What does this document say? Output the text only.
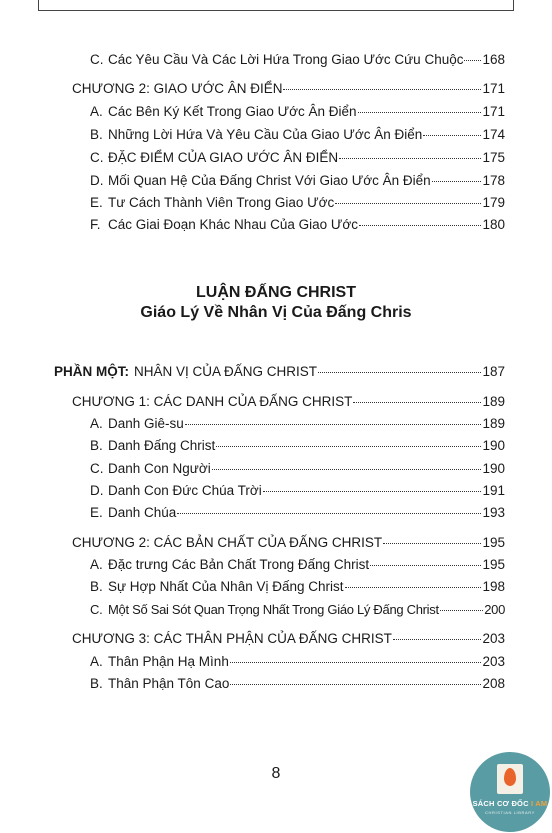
C. Các Yêu Cầu Và Các Lời Hứa Trong Giao Ước Cứu Chuộc 168
CHƯƠNG 2: GIAO ƯỚC ÂN ĐIỂN	171
A. Các Bên Ký Kết Trong Giao Ước Ân Điển	171
B. Những Lời Hứa Và Yêu Cầu Của Giao Ước Ân Điển	174
C. ĐẶC ĐIỂM CỦA GIAO ƯỚC ÂN ĐIỂN	175
D. Mối Quan Hệ Của Đấng Christ Với Giao Ước Ân Điển	178
E. Tư Cách Thành Viên Trong Giao Ước	179
F. Các Giai Đoạn Khác Nhau Của Giao Ước	180
LUẬN ĐẤNG CHRIST
Giáo Lý Về Nhân Vị Của Đấng Chris
PHẦN MỘT: NHÂN VỊ CỦA ĐẤNG CHRIST	187
CHƯƠNG 1: CÁC DANH CỦA ĐẤNG CHRIST	189
A. Danh Giê-su	189
B. Danh Đấng Christ	190
C. Danh Con Người	190
D. Danh Con Đức Chúa Trời	191
E. Danh Chúa	193
CHƯƠNG 2: CÁC BẢN CHẤT CỦA ĐẤNG CHRIST	195
A. Đặc trưng Các Bản Chất Trong Đấng Christ	195
B. Sự Hợp Nhất Của Nhân Vị Đấng Christ	198
C. Một Số Sai Sót Quan Trọng Nhất Trong Giáo Lý Đấng Christ	200
CHƯƠNG 3: CÁC THÂN PHẬN CỦA ĐẤNG CHRIST	203
A. Thân Phận Hạ Mình	203
B. Thân Phận Tôn Cao	208
8
SÁCH CƠ ĐỐC I AM
CHRISTIAN LIBRARY
